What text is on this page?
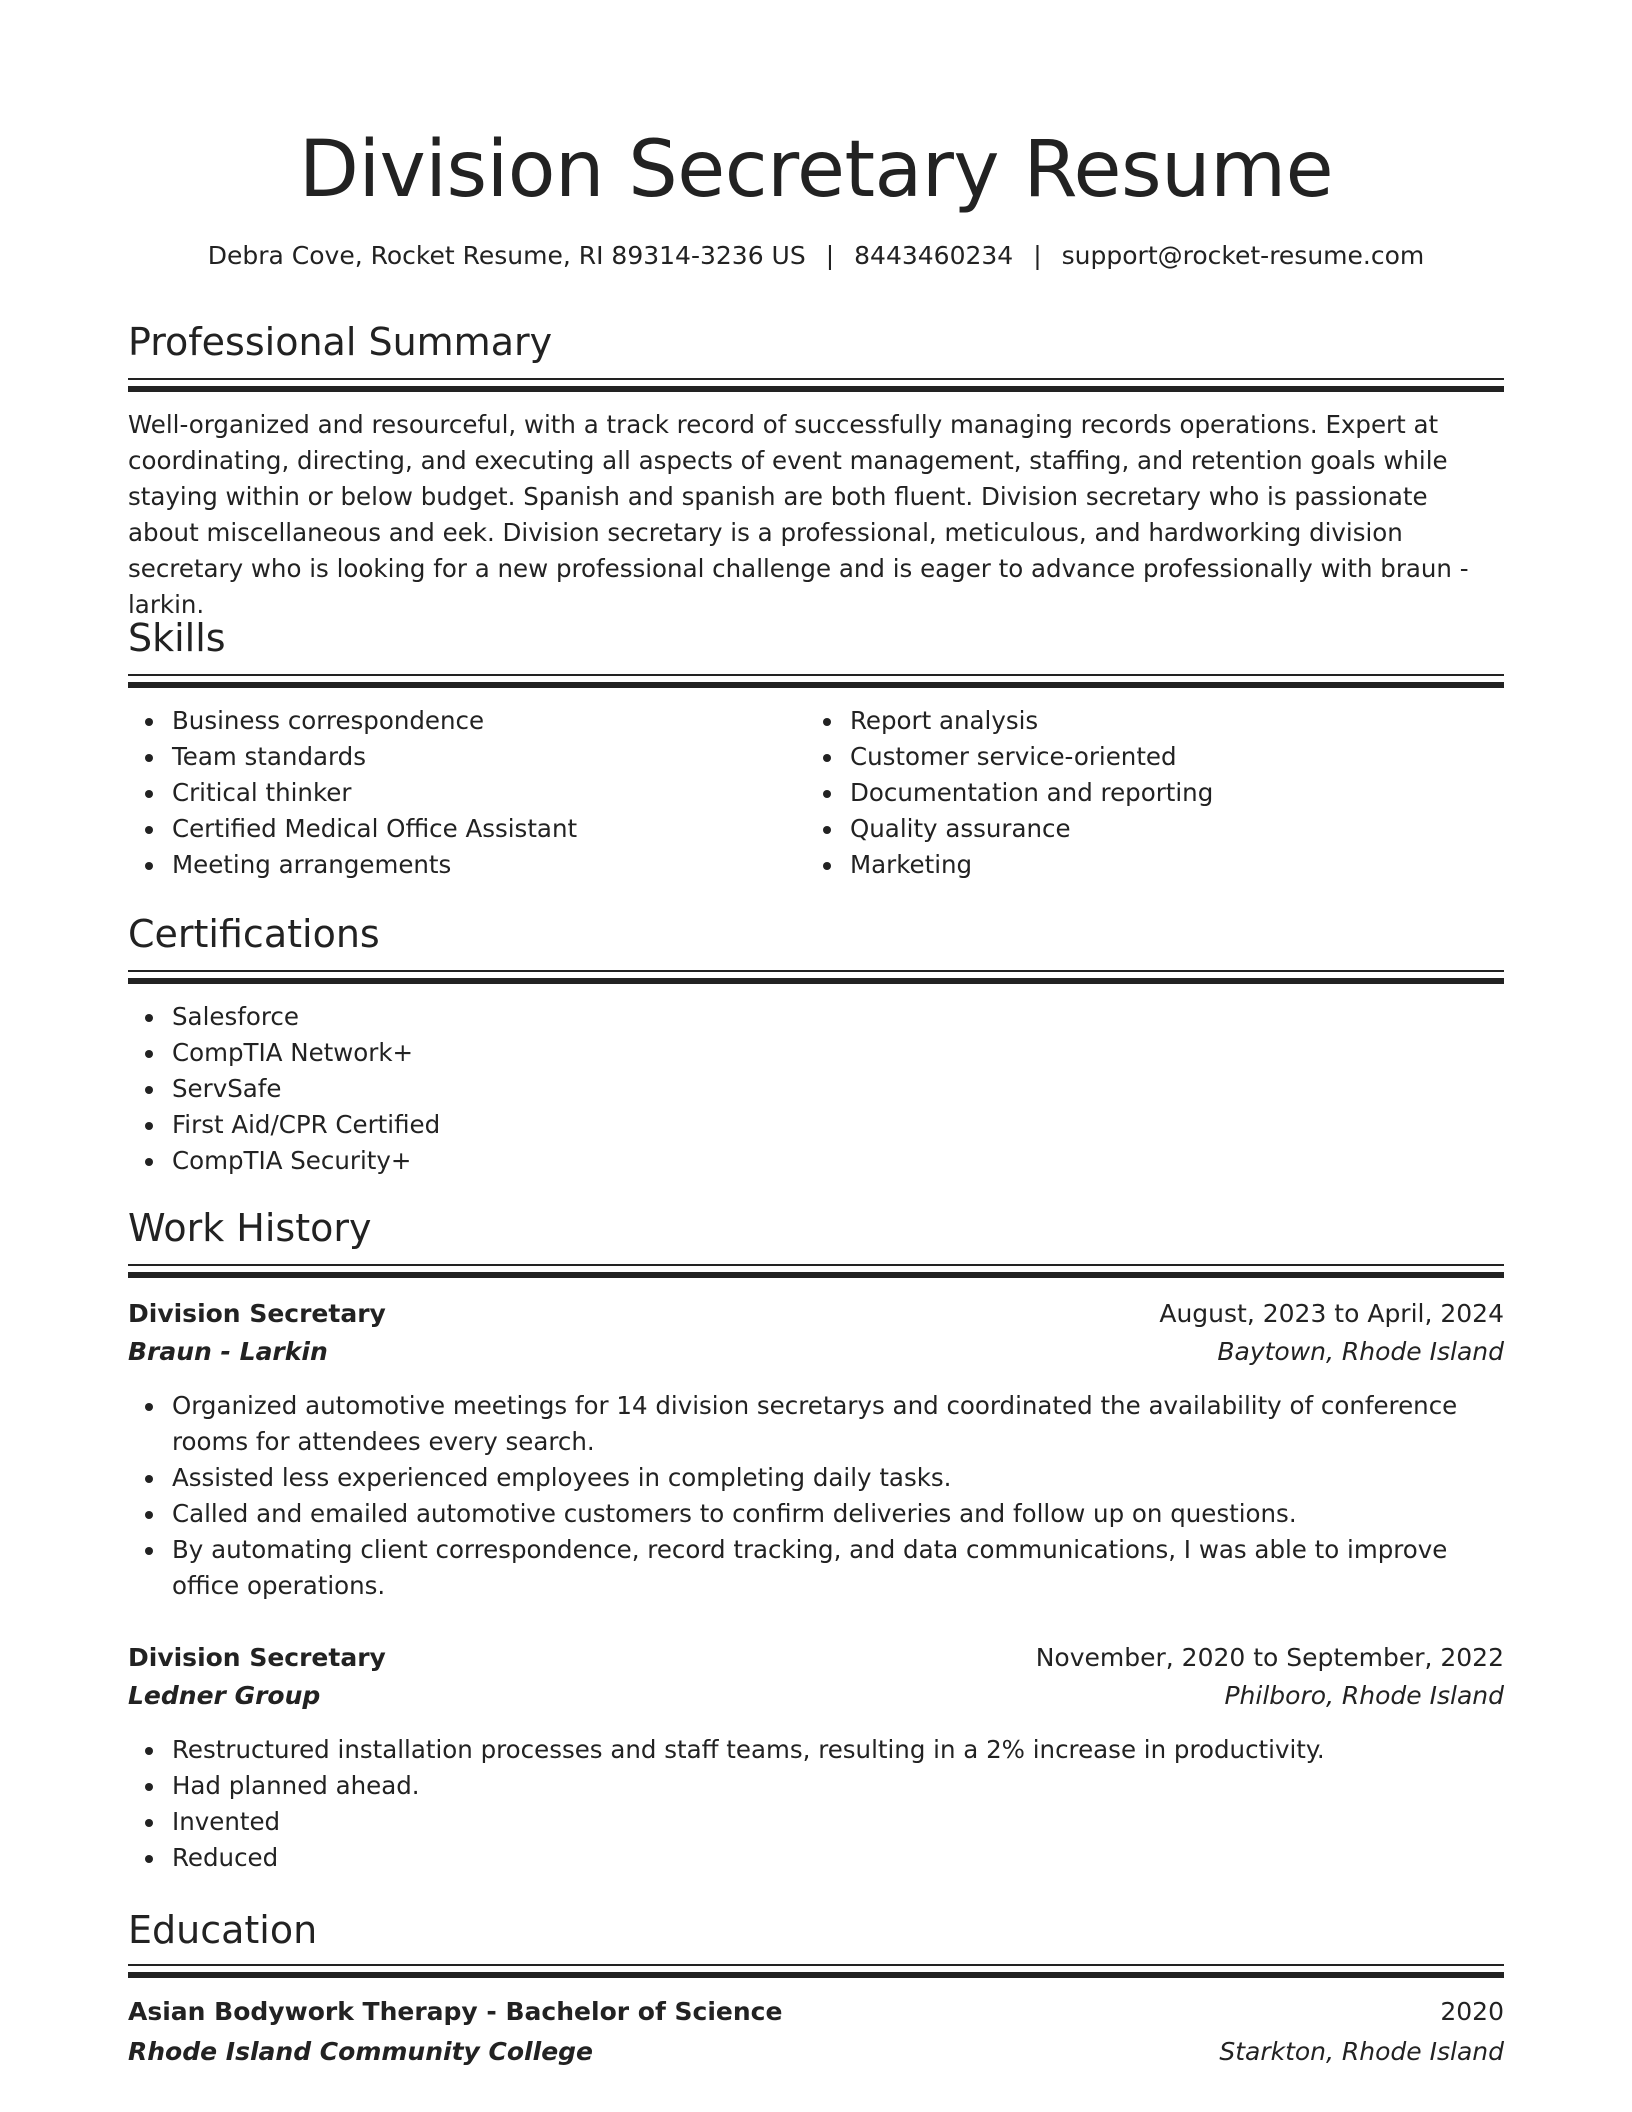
Division Secretary Resume
Debra Cove, Rocket Resume, RI 89314-3236 US | 8443460234 | support@rocket-resume.com
Professional Summary

Well-organized and resourceful, with a track record of successfully managing records operations. Expert at coordinating, directing, and executing all aspects of event management, staffing, and retention goals while staying within or below budget. Spanish and spanish are both fluent. Division secretary who is passionate about miscellaneous and eek. Division secretary is a professional, meticulous, and hardworking division secretary who is looking for a new professional challenge and is eager to advance professionally with braun - larkin.

Skills
Business correspondence
Team standards
Critical thinker
Certified Medical Office Assistant
Meeting arrangements
Report analysis
Customer service-oriented
Documentation and reporting
Quality assurance
Marketing
Certifications
Salesforce
CompTIA Network+
ServSafe
First Aid/CPR Certified
CompTIA Security+
Work History
Division Secretary	August, 2023 to April, 2024
Braun - Larkin	Baytown, Rhode Island
Organized automotive meetings for 14 division secretarys and coordinated the availability of conference rooms for attendees every search.
Assisted less experienced employees in completing daily tasks.
Called and emailed automotive customers to confirm deliveries and follow up on questions.
By automating client correspondence, record tracking, and data communications, I was able to improve office operations.
Division Secretary	November, 2020 to September, 2022
Ledner Group	Philboro, Rhode Island
Restructured installation processes and staff teams, resulting in a 2% increase in productivity.
Had planned ahead.
Invented
Reduced
Education
Asian Bodywork Therapy - Bachelor of Science	2020
Rhode Island Community College	Starkton, Rhode Island
